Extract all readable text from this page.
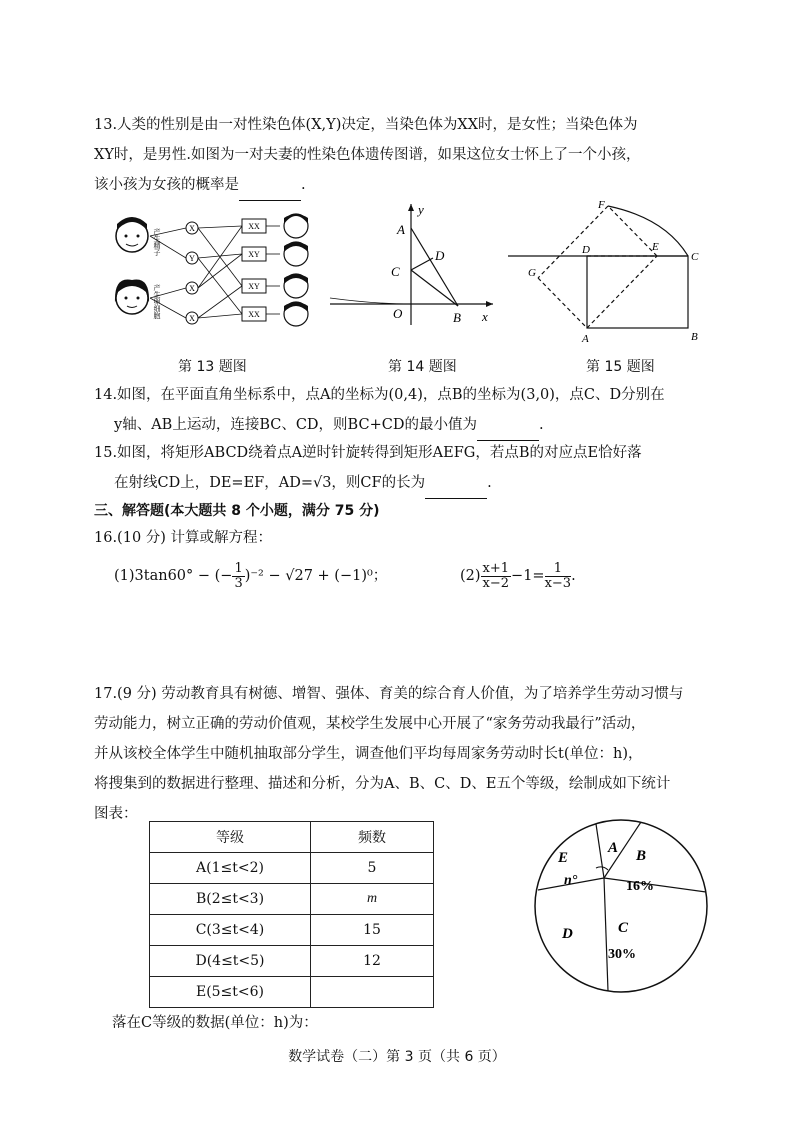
13.人类的性别是由一对性染色体(X,Y)决定，当染色体为XX时，是女性；当染色体为
XY时，是男性.如图为一对夫妻的性染色体遗传图谱，如果这位女士怀上了一个小孩，
该小孩为女孩的概率是	.
产生精子
产生卵细胞
X
Y
X
X
XX
XY
XY
XX
y
x
A
C
D
O	B
F
D	E
C
G
A	B
第 13 题图	第 14 题图	第 15 题图
14.如图，在平面直角坐标系中，点A的坐标为(0,4)，点B的坐标为(3,0)，点C、D分别在
y轴、AB上运动，连接BC、CD，则BC+CD的最小值为	.
15.如图，将矩形ABCD绕着点A逆时针旋转得到矩形AEFG，若点B的对应点E恰好落
在射线CD上，DE=EF，AD=√3，则CF的长为	.
三、解答题(本大题共 8 个小题，满分 75 分)
16.(10 分) 计算或解方程：
(1)3tan60° − (− $\frac{1}{3} )^{-2} - √27 + (-1)^0$；	$(2) \frac{x+1}{x-2} -1= \frac{1}{x-3}$ .
17.(9 分) 劳动教育具有树德、增智、强体、育美的综合育人价值，为了培养学生劳动习惯与
劳动能力，树立正确的劳动价值观，某校学生发展中心开展了“家务劳动我最行”活动，
并从该校全体学生中随机抽取部分学生，调查他们平均每周家务劳动时长t(单位：h)，
将搜集到的数据进行整理、描述和分析，分为A、B、C、D、E五个等级，绘制成如下统计
图表：
等级	频数
A(1≤t<2)	5
B(2≤t<3)	m
C(3≤t<4)	15
D(4≤t<5)	12
E(5≤t<6)	
A B
C
D
E
16%
30%
n°
落在C等级的数据(单位：h)为：
数学试卷（二）第 3 页（共 6 页）
